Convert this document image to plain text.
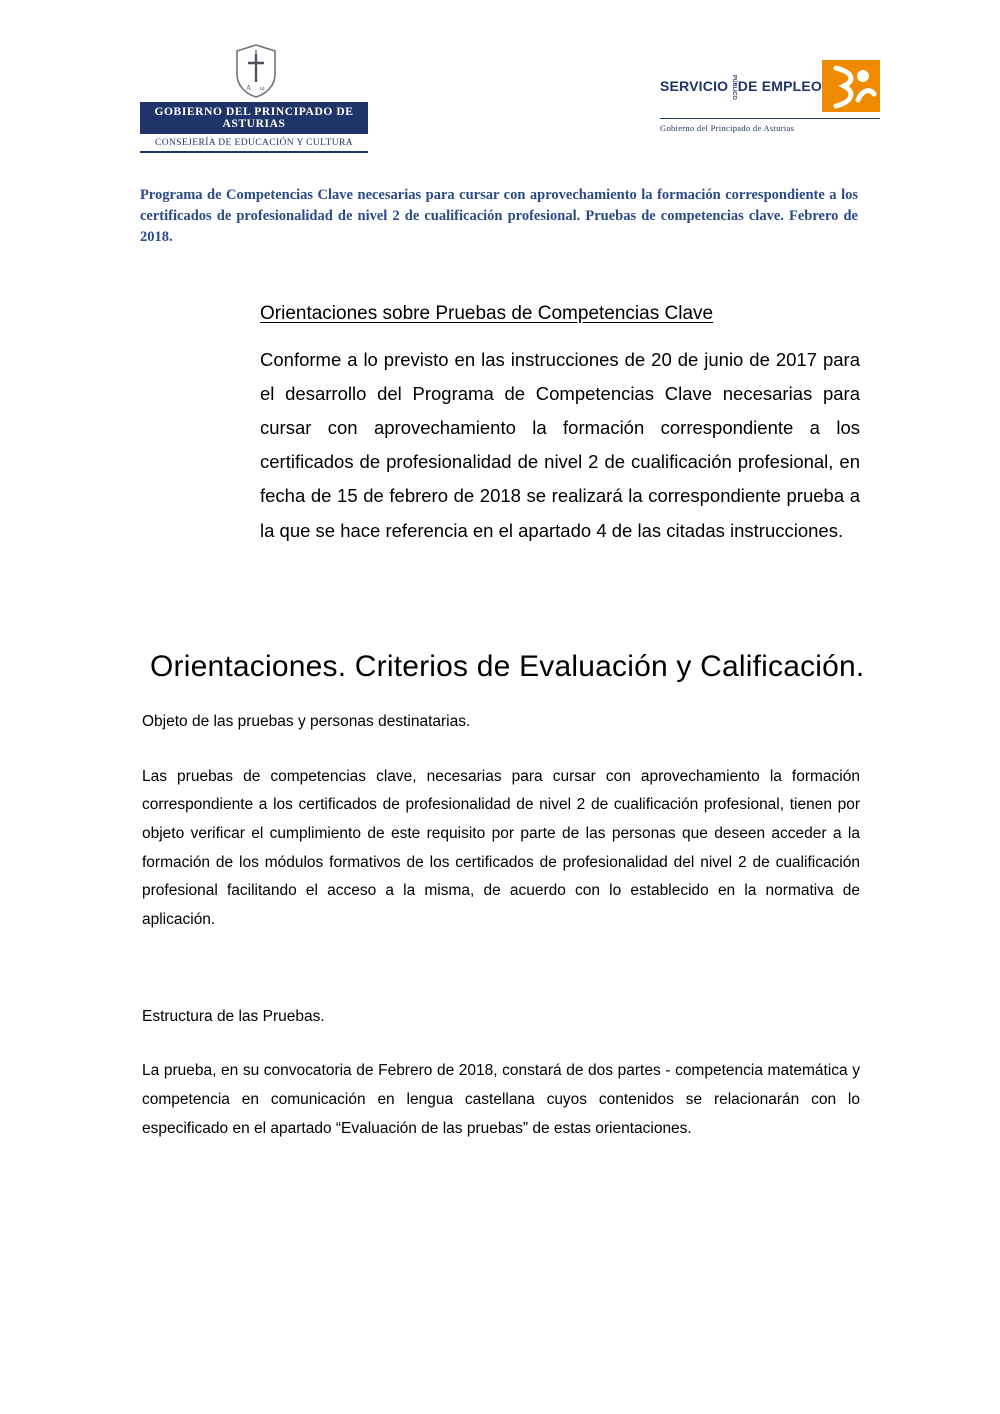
A ω
GOBIERNO DEL PRINCIPADO DE ASTURIAS
CONSEJERÍA DE EDUCACIÓN Y CULTURA
SERVICIO PÚBLICO DE EMPLEO
Gobierno del Principado de Asturias
Programa de Competencias Clave necesarias para cursar con aprovechamiento la formación correspondiente a los certificados de profesionalidad de nivel 2 de cualificación profesional. Pruebas de competencias clave. Febrero de 2018.
Orientaciones sobre Pruebas de Competencias Clave
Conforme a lo previsto en las instrucciones de 20 de junio de 2017 para el desarrollo del Programa de Competencias Clave necesarias para cursar con aprovechamiento la formación correspondiente a los certificados de profesionalidad de nivel 2 de cualificación profesional, en fecha de 15 de febrero de 2018 se realizará la correspondiente prueba a la que se hace referencia en el apartado 4 de las citadas instrucciones.
Orientaciones. Criterios de Evaluación y Calificación.

Objeto de las pruebas y personas destinatarias.

Las pruebas de competencias clave, necesarias para cursar con aprovechamiento la formación correspondiente a los certificados de profesionalidad de nivel 2 de cualificación profesional, tienen por objeto verificar el cumplimiento de este requisito por parte de las personas que deseen acceder a la formación de los módulos formativos de los certificados de profesionalidad del nivel 2 de cualificación profesional facilitando el acceso a la misma, de acuerdo con lo establecido en la normativa de aplicación.

Estructura de las Pruebas.

La prueba, en su convocatoria de Febrero de 2018, constará de dos partes - competencia matemática y competencia en comunicación en lengua castellana cuyos contenidos se relacionarán con lo especificado en el apartado “Evaluación de las pruebas” de estas orientaciones.
